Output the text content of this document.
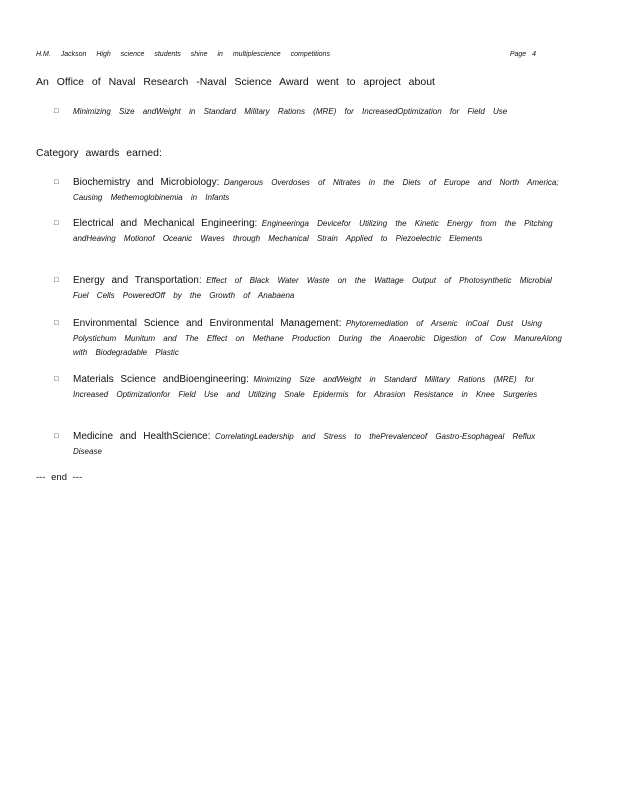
H.M. Jackson High science students shine in multiplescience competitions	Page 4
An Office of Naval Research -Naval Science Award went to aproject about
□ Minimizing Size andWeight in Standard Military Rations (MRE) for IncreasedOptimization for Field Use
Category awards earned:
□ Biochemistry and Microbiology: Dangerous Overdoses of Nitrates in the Diets of Europe and North America; Causing Methemoglobinemia in Infants
□ Electrical and Mechanical Engineering: Engineeringa Devicefor Utilizing the Kinetic Energy from the Pitching andHeaving Motionof Oceanic Waves through Mechanical Strain Applied to Piezoelectric Elements
□ Energy and Transportation: Effect of Black Water Waste on the Wattage Output of Photosynthetic Microbial Fuel Cells PoweredOff by the Growth of Anabaena
□ Environmental Science and Environmental Management: Phytoremediation of Arsenic inCoal Dust Using Polystichum Munitum and The Effect on Methane Production During the Anaerobic Digestion of Cow ManureAlong with Biodegradable Plastic
□ Materials Science andBioengineering: Minimizing Size andWeight in Standard Military Rations (MRE) for Increased Optimizationfor Field Use and Utilizing Snale Epidermis for Abrasion Resistance in Knee Surgeries
□ Medicine and HealthScience: CorrelatingLeadership and Stress to thePrevalenceof Gastro-Esophageal Reflux Disease
--- end ---
